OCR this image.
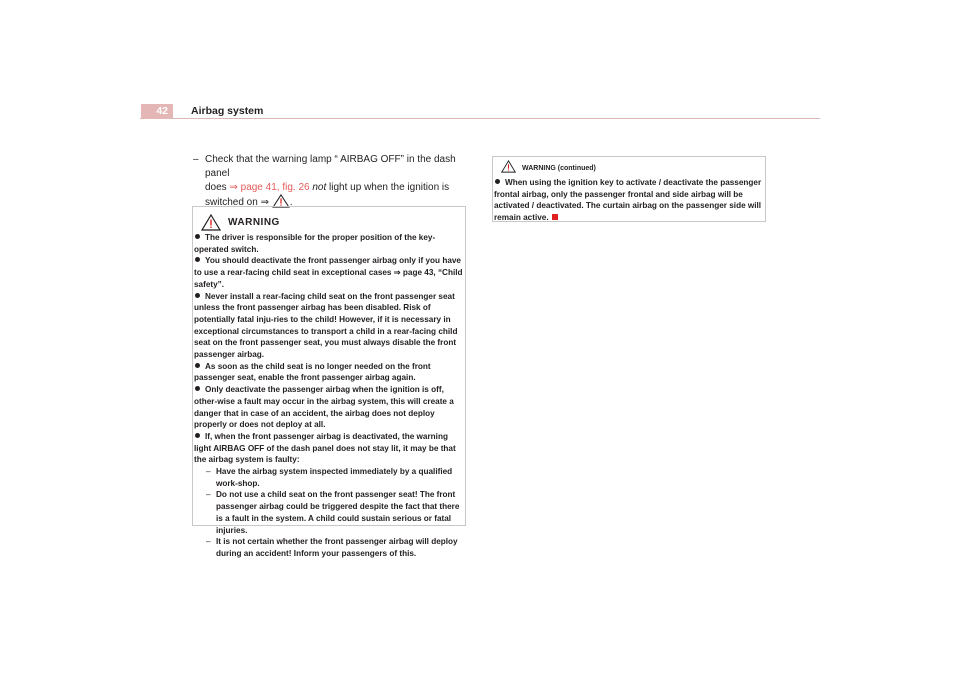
42	Airbag system
– Check that the warning lamp “ AIRBAG OFF” in the dash panel
does ⇒ page 41, fig. 26 not light up when the ignition is
switched on ⇒ .
WARNING

The driver is responsible for the proper position of the key-operated switch.

You should deactivate the front passenger airbag only if you have to use a rear-facing child seat in exceptional cases ⇒ page 43, “Child safety”.

Never install a rear-facing child seat on the front passenger seat unless the front passenger airbag has been disabled. Risk of potentially fatal inju-ries to the child! However, if it is necessary in exceptional circumstances to transport a child in a rear-facing child seat on the front passenger seat, you must always disable the front passenger airbag.

As soon as the child seat is no longer needed on the front passenger seat, enable the front passenger airbag again.

Only deactivate the passenger airbag when the ignition is off, other-wise a fault may occur in the airbag system, this will create a danger that in case of an accident, the airbag does not deploy properly or does not deploy at all.

If, when the front passenger airbag is deactivated, the warning light AIRBAG OFF of the dash panel does not stay lit, it may be that the airbag system is faulty:

– Have the airbag system inspected immediately by a qualified work-shop.
– Do not use a child seat on the front passenger seat! The front passenger airbag could be triggered despite the fact that there is a fault in the system. A child could sustain serious or fatal injuries.
– It is not certain whether the front passenger airbag will deploy during an accident! Inform your passengers of this.
WARNING (continued)

When using the ignition key to activate / deactivate the passenger frontal airbag, only the passenger frontal and side airbag will be activated / deactivated. The curtain airbag on the passenger side will remain active.
